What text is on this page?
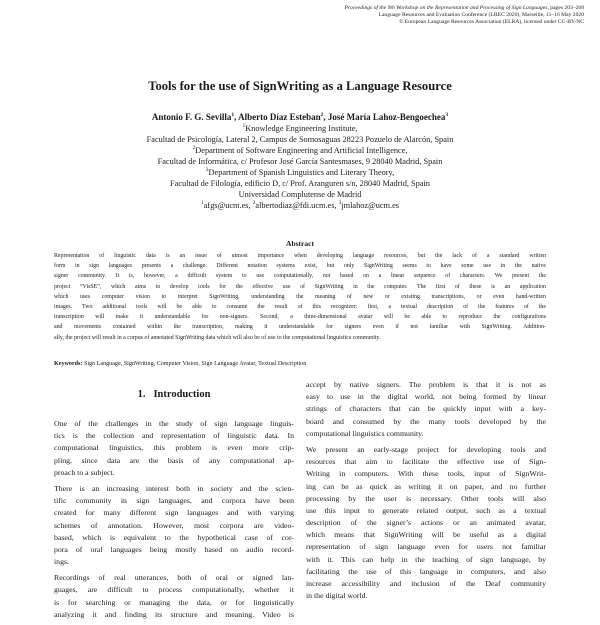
Proceedings of the 9th Workshop on the Representation and Processing of Sign Languages, pages 203–208
Language Resources and Evaluation Conference (LREC 2020), Marseille, 11–16 May 2020
© European Language Resources Association (ELRA), licensed under CC-BY-NC
Tools for the use of SignWriting as a Language Resource
Antonio F. G. Sevilla$^1$, Alberto Díaz Esteban$^2$, José María Lahoz-Bengoechea$^3$
$^1$Knowledge Engineering Institute,
Facultad de Psicología, Lateral 2, Campus de Somosaguas 28223 Pozuelo de Alarcón, Spain
$^2$Department of Software Engineering and Artificial Intelligence,
Facultad de Informática, c/ Profesor José García Santesmases, 9 28040 Madrid, Spain
$^3$Department of Spanish Linguistics and Literary Theory,
Facultad de Filología, edificio D, c/ Prof. Aranguren s/n, 28040 Madrid, Spain
Universidad Complutense de Madrid
$^1$afgs@ucm.es, $^2$albertodiaz@fdi.ucm.es, $^3$jmlahoz@ucm.es
Abstract
Representation of linguistic data is an issue of utmost importance when developing language resources, but the lack of a standard written
form in sign languages presents a challenge. Different notation systems exist, but only SignWriting seems to have some use in the native
signer community. It is, however, a difficult system to use computationally, not based on a linear sequence of characters. We present the
project “VisSE”, which aims to develop tools for the effective use of SignWriting in the computer. The first of these is an application
which uses computer vision to interpret SignWriting, understanding the meaning of new or existing transcriptions, or even hand-written
images. Two additional tools will be able to consume the result of this recognizer: first, a textual description of the features of the
transcription will make it understandable for non-signers. Second, a three-dimensional avatar will be able to reproduce the configurations
and movements contained within the transcription, making it understandable for signers even if not familiar with SignWriting. Addition-
ally, the project will result in a corpus of annotated SignWriting data which will also be of use to the computational linguistics community.
Keywords: Sign Language, SignWriting, Computer Vision, Sign Language Avatar, Textual Description
1. Introduction
One of the challenges in the study of sign language linguis-
tics is the collection and representation of linguistic data. In
computational linguistics, this problem is even more crip-
pling, since data are the basis of any computational ap-
proach to a subject.
There is an increasing interest both in society and the scien-
tific community in sign languages, and corpora have been
created for many different sign languages and with varying
schemes of annotation. However, most corpora are video-
based, which is equivalent to the hypothetical case of cor-
pora of oral languages being mostly based on audio record-
ings.
Recordings of real utterances, both of oral or signed lan-
guages, are difficult to process computationally, whether it
is for searching or managing the data, or for linguistically
analyzing it and finding its structure and meaning. Video is
accept by native signers. The problem is that it is not as
easy to use in the digital world, not being formed by linear
strings of characters that can be quickly input with a key-
board and consumed by the many tools developed by the
computational linguistics community.
We present an early-stage project for developing tools and
resources that aim to facilitate the effective use of Sign-
Writing in computers. With these tools, input of SignWrit-
ing can be as quick as writing it on paper, and no further
processing by the user is necessary. Other tools will also
use this input to generate related output, such as a textual
description of the signer’s actions or an animated avatar,
which means that SignWriting will be useful as a digital
representation of sign language even for users not familiar
with it. This can help in the teaching of sign language, by
facilitating the use of this language in computers, and also
increase accessibility and inclusion of the Deaf community
in the digital world.
